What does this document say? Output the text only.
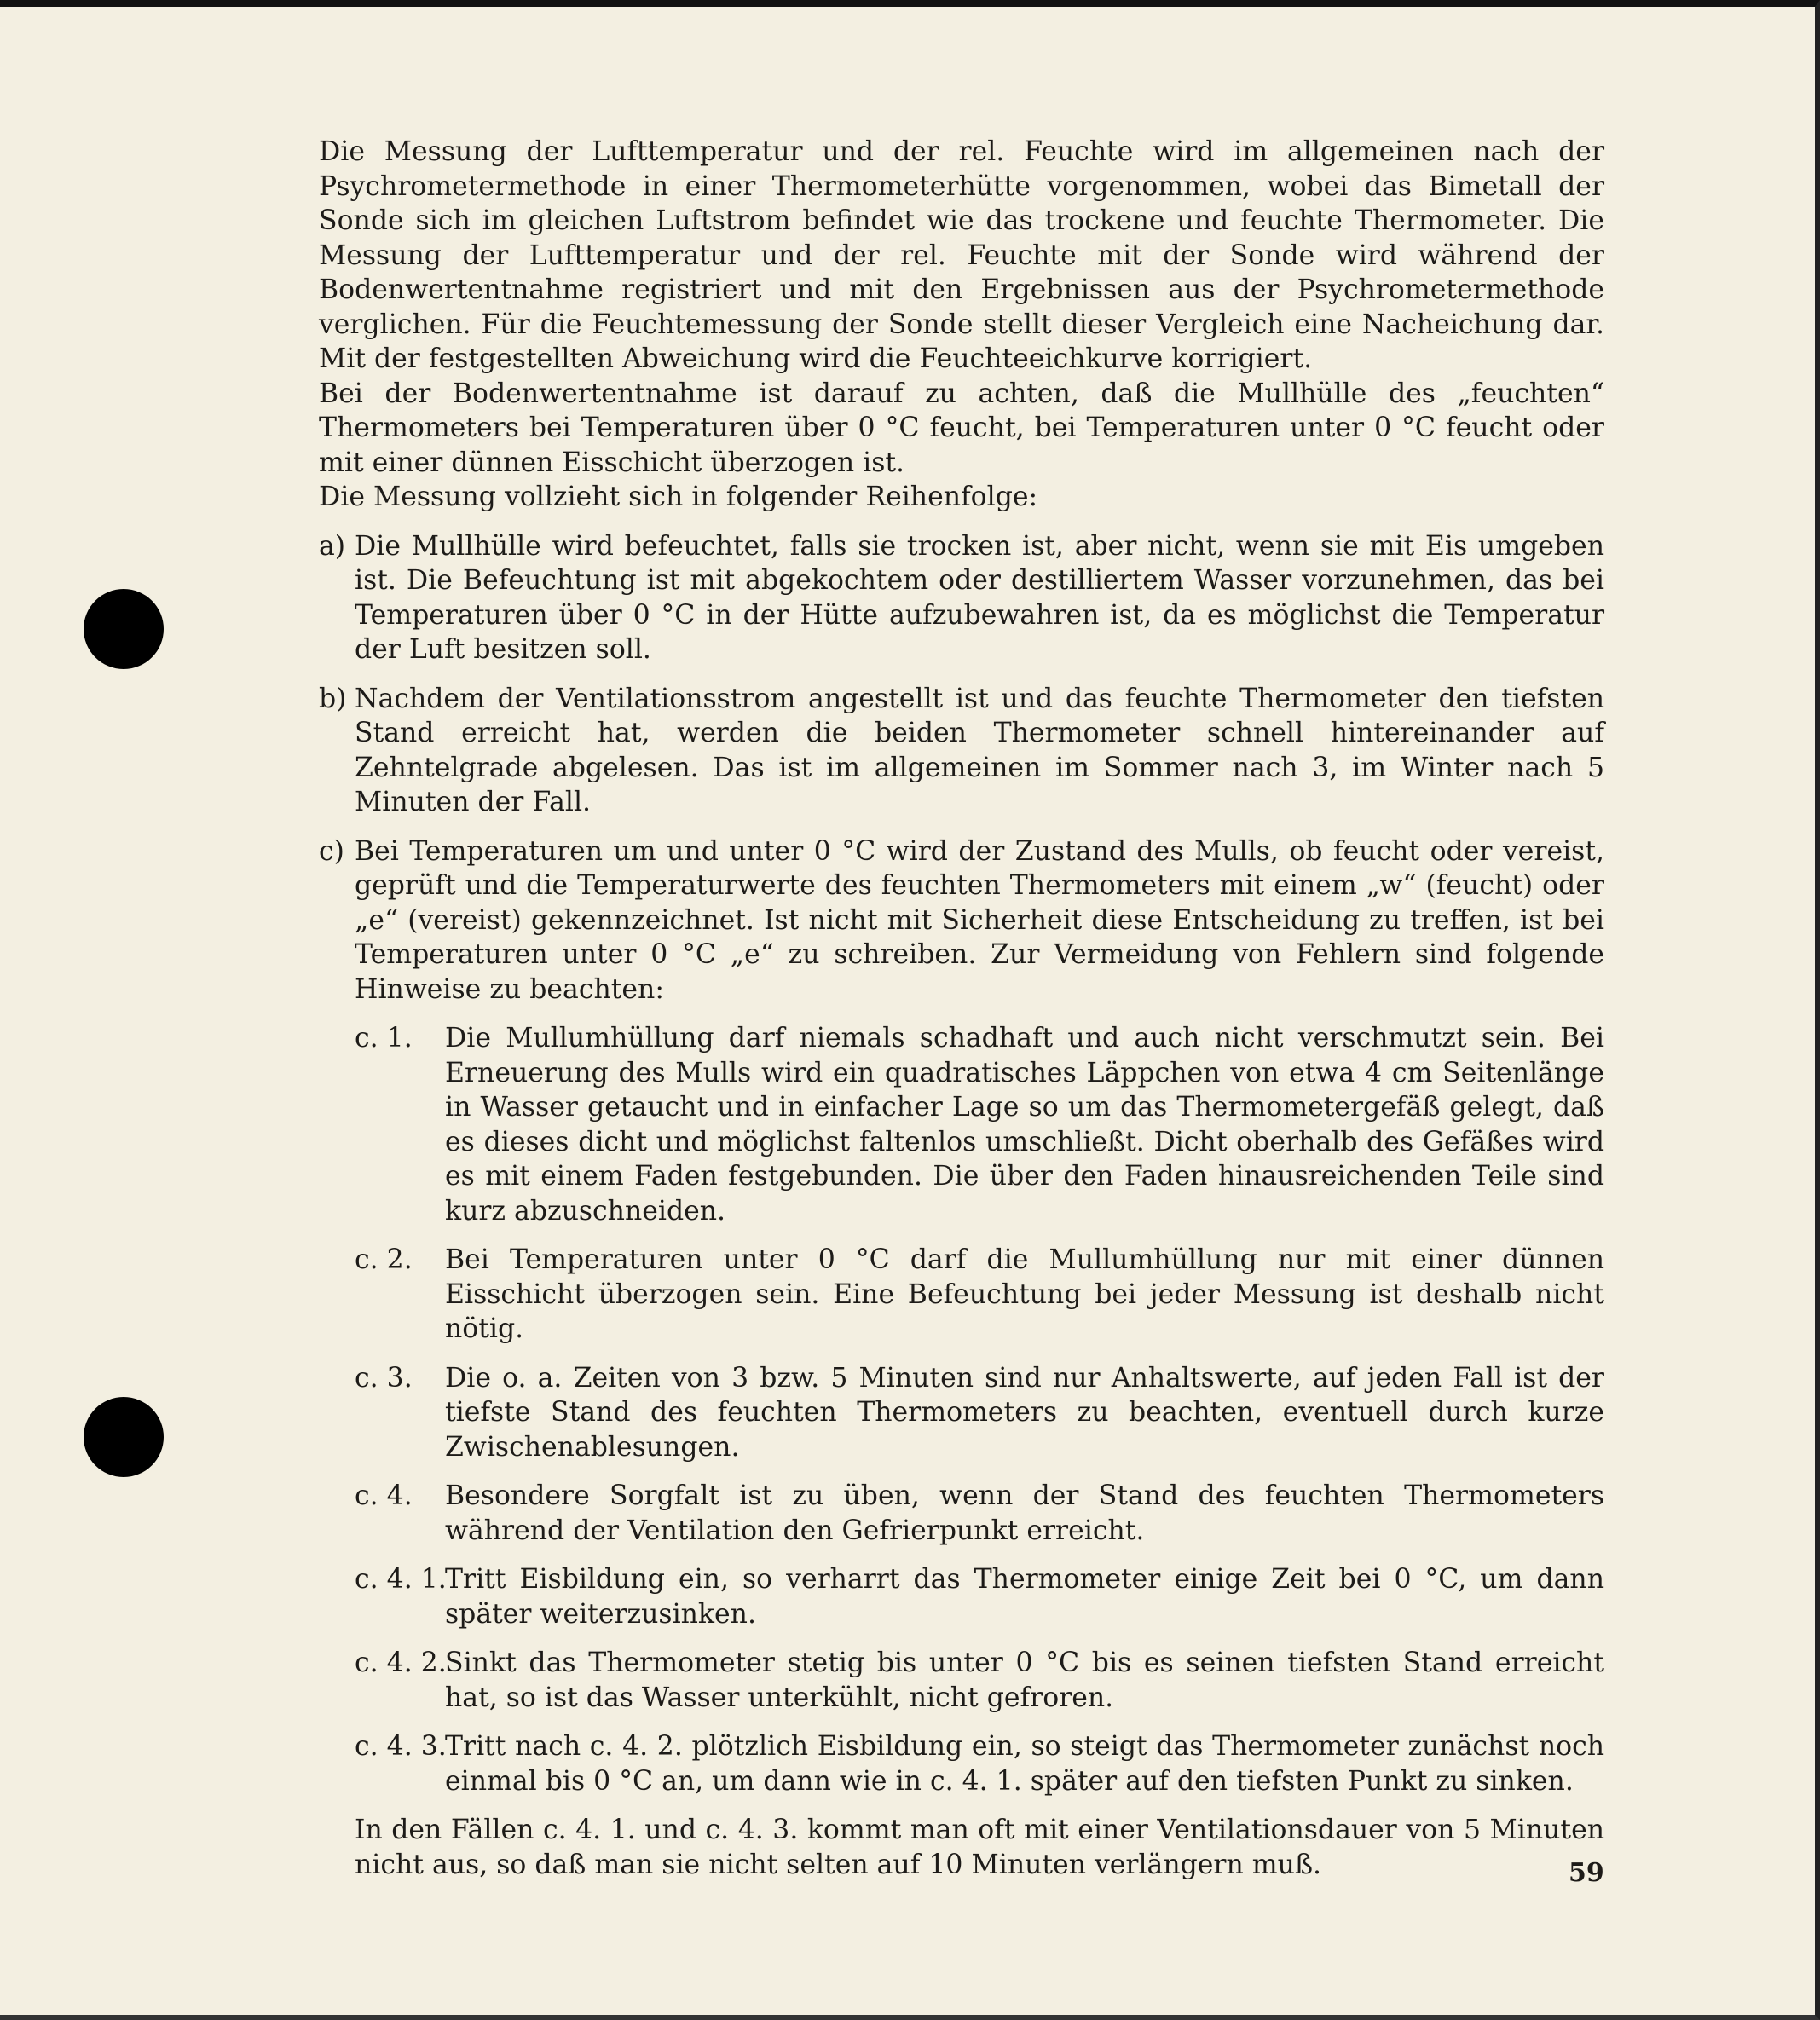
Die Messung der Lufttemperatur und der rel. Feuchte wird im allgemeinen nach der Psychrometermethode in einer Thermometerhütte vorgenommen, wobei das Bimetall der Sonde sich im gleichen Luftstrom befindet wie das trockene und feuchte Thermometer. Die Messung der Lufttemperatur und der rel. Feuchte mit der Sonde wird während der Bodenwertentnahme registriert und mit den Ergebnissen aus der Psychrometermethode verglichen. Für die Feuchtemessung der Sonde stellt dieser Vergleich eine Nacheichung dar. Mit der festgestellten Abweichung wird die Feuchteeichkurve korrigiert.

Bei der Bodenwertentnahme ist darauf zu achten, daß die Mullhülle des „feuchten“ Thermometers bei Temperaturen über 0 °C feucht, bei Temperaturen unter 0 °C feucht oder mit einer dünnen Eisschicht überzogen ist.

Die Messung vollzieht sich in folgender Reihenfolge:

a) Die Mullhülle wird befeuchtet, falls sie trocken ist, aber nicht, wenn sie mit Eis umgeben ist. Die Befeuchtung ist mit abgekochtem oder destilliertem Wasser vorzunehmen, das bei Temperaturen über 0 °C in der Hütte aufzubewahren ist, da es möglichst die Temperatur der Luft besitzen soll.
b) Nachdem der Ventilationsstrom angestellt ist und das feuchte Thermometer den tiefsten Stand erreicht hat, werden die beiden Thermometer schnell hintereinander auf Zehntelgrade abgelesen. Das ist im allgemeinen im Sommer nach 3, im Winter nach 5 Minuten der Fall.
c) Bei Temperaturen um und unter 0 °C wird der Zustand des Mulls, ob feucht oder vereist, geprüft und die Temperaturwerte des feuchten Thermometers mit einem „w“ (feucht) oder „e“ (vereist) gekennzeichnet. Ist nicht mit Sicherheit diese Entscheidung zu treffen, ist bei Temperaturen unter 0 °C „e“ zu schreiben. Zur Vermeidung von Fehlern sind folgende Hinweise zu beachten:
c. 1.	Die Mullumhüllung darf niemals schadhaft und auch nicht verschmutzt sein. Bei Erneuerung des Mulls wird ein quadratisches Läppchen von etwa 4 cm Seitenlänge in Wasser getaucht und in einfacher Lage so um das Thermometergefäß gelegt, daß es dieses dicht und möglichst faltenlos umschließt. Dicht oberhalb des Gefäßes wird es mit einem Faden festgebunden. Die über den Faden hinausreichenden Teile sind kurz abzuschneiden.
c. 2.	Bei Temperaturen unter 0 °C darf die Mullumhüllung nur mit einer dünnen Eisschicht überzogen sein. Eine Befeuchtung bei jeder Messung ist deshalb nicht nötig.
c. 3.	Die o. a. Zeiten von 3 bzw. 5 Minuten sind nur Anhaltswerte, auf jeden Fall ist der tiefste Stand des feuchten Thermometers zu beachten, eventuell durch kurze Zwischenablesungen.
c. 4.	Besondere Sorgfalt ist zu üben, wenn der Stand des feuchten Thermometers während der Ventilation den Gefrierpunkt erreicht.
c. 4. 1.
Tritt Eisbildung ein, so verharrt das Thermometer einige Zeit bei 0 °C, um dann später weiterzusinken.
c. 4. 2.
Sinkt das Thermometer stetig bis unter 0 °C bis es seinen tiefsten Stand erreicht hat, so ist das Wasser unterkühlt, nicht gefroren.
c. 4. 3.
Tritt nach c. 4. 2. plötzlich Eisbildung ein, so steigt das Thermometer zunächst noch einmal bis 0 °C an, um dann wie in c. 4. 1. später auf den tiefsten Punkt zu sinken.

In den Fällen c. 4. 1. und c. 4. 3. kommt man oft mit einer Ventilationsdauer von 5 Minuten nicht aus, so daß man sie nicht selten auf 10 Minuten verlängern muß.	59
